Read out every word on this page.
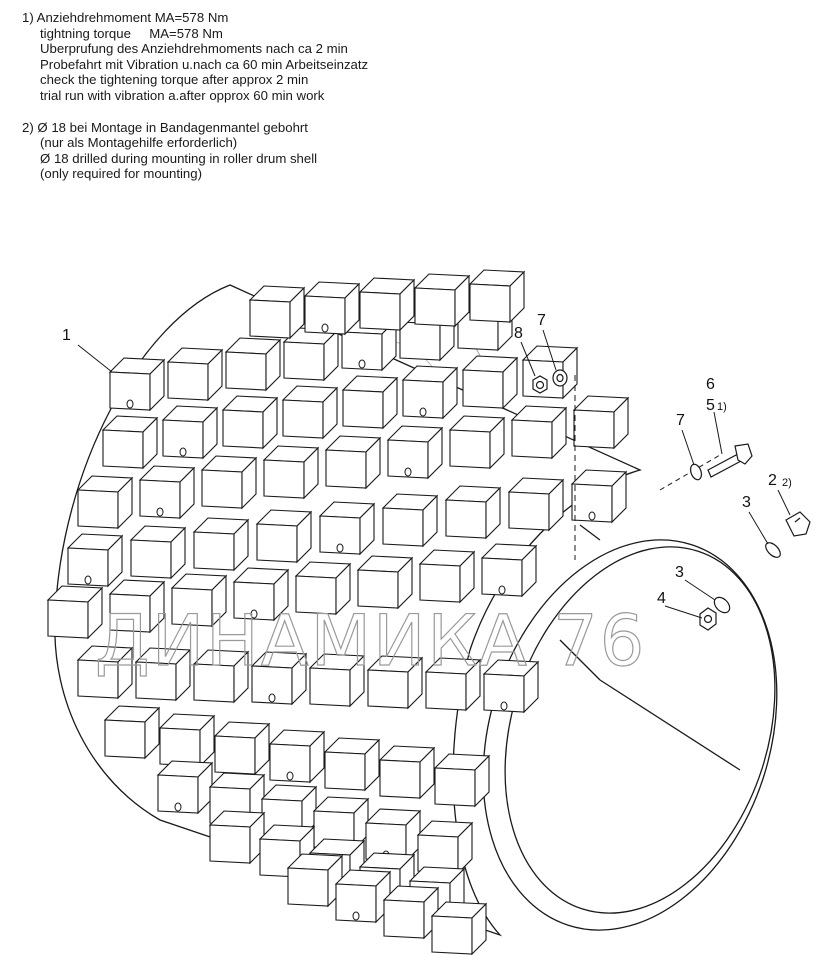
1) Anziehdrehmoment MA=578 Nm
tightning torque     MA=578 Nm
Uberprufung des Anziehdrehmoments nach ca 2 min
Probefahrt mit Vibration u.nach ca 60 min Arbeitseinzatz
check the tightening torque after approx 2 min
trial run with vibration a.after opprox 60 min work
2) Ø 18 bei Montage in Bandagenmantel gebohrt
(nur als Montagehilfe erforderlich)
Ø 18 drilled during mounting in roller drum shell
(only required for mounting)
1	8
7
6
5 1)
7
2 2)
3
3
4
ДИНАМИКА 76
